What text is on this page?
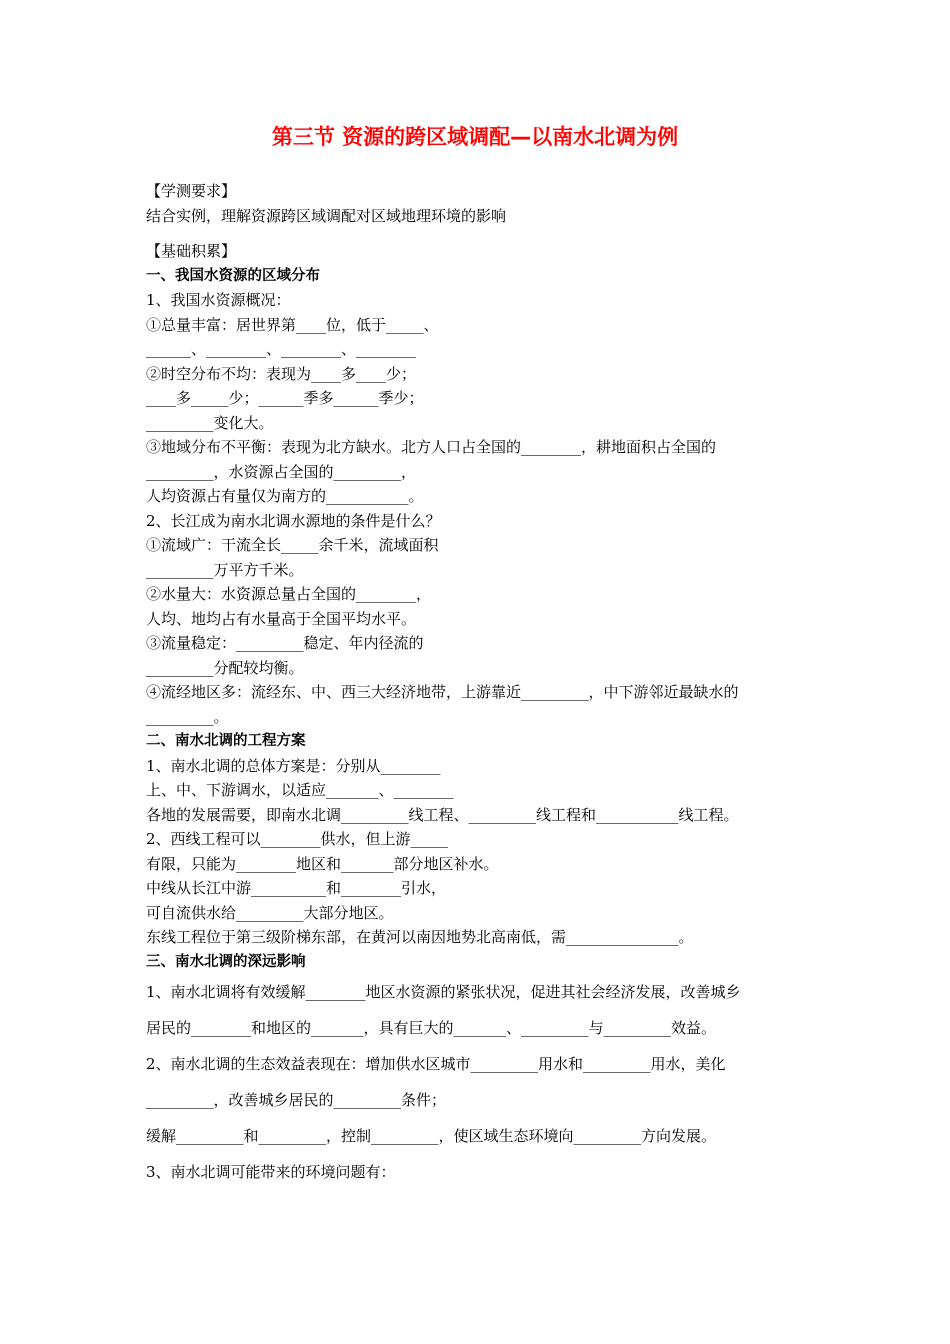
第三节 资源的跨区域调配—以南水北调为例

【学测要求】

结合实例，理解资源跨区域调配对区域地理环境的影响

【基础积累】

一、我国水资源的区域分布

1、我国水资源概况：

①总量丰富：居世界第____位，低于_____、

______、________、________、________

②时空分布不均：表现为____多____少；

____多_____少；______季多______季少；

_________变化大。

③地域分布不平衡：表现为北方缺水。北方人口占全国的________，耕地面积占全国的

_________，水资源占全国的_________，

人均资源占有量仅为南方的___________。

2、长江成为南水北调水源地的条件是什么？

①流域广：干流全长_____余千米，流域面积

_________万平方千米。

②水量大：水资源总量占全国的________，

人均、地均占有水量高于全国平均水平。

③流量稳定：_________稳定、年内径流的

_________分配较均衡。

④流经地区多：流经东、中、西三大经济地带，上游靠近_________，中下游邻近最缺水的

_________。

二、南水北调的工程方案

1、南水北调的总体方案是：分别从________

上、中、下游调水，以适应_______、________

各地的发展需要，即南水北调_________线工程、_________线工程和___________线工程。

2、西线工程可以________供水，但上游_____

有限，只能为________地区和_______部分地区补水。

中线从长江中游__________和________引水，

可自流供水给_________大部分地区。

东线工程位于第三级阶梯东部，在黄河以南因地势北高南低，需_______________。

三、南水北调的深远影响

1、南水北调将有效缓解________地区水资源的紧张状况，促进其社会经济发展，改善城乡

居民的________和地区的_______，具有巨大的_______、_________与_________效益。

2、南水北调的生态效益表现在：增加供水区城市_________用水和_________用水，美化

_________，改善城乡居民的_________条件；

缓解_________和_________，控制_________，使区域生态环境向_________方向发展。

3、南水北调可能带来的环境问题有：
